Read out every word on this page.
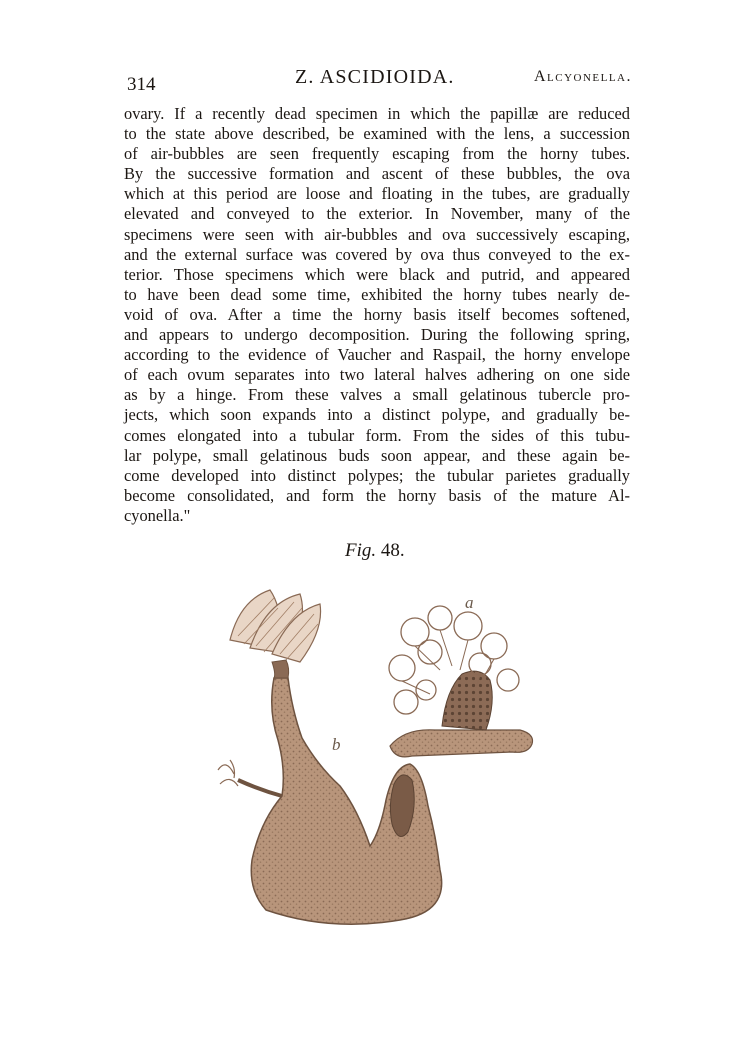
314	Z. ASCIDIOIDA.	Alcyonella.
ovary. If a recently dead specimen in which the papillæ are reduced
to the state above described, be examined with the lens, a succession
of air-bubbles are seen frequently escaping from the horny tubes.
By the successive formation and ascent of these bubbles, the ova
which at this period are loose and floating in the tubes, are gradually
elevated and conveyed to the exterior. In November, many of the
specimens were seen with air-bubbles and ova successively escaping,
and the external surface was covered by ova thus conveyed to the ex-
terior. Those specimens which were black and putrid, and appeared
to have been dead some time, exhibited the horny tubes nearly de-
void of ova. After a time the horny basis itself becomes softened,
and appears to undergo decomposition. During the following spring,
according to the evidence of Vaucher and Raspail, the horny envelope
of each ovum separates into two lateral halves adhering on one side
as by a hinge. From these valves a small gelatinous tubercle pro-
jects, which soon expands into a distinct polype, and gradually be-
comes elongated into a tubular form. From the sides of this tubu-
lar polype, small gelatinous buds soon appear, and these again be-
come developed into distinct polypes; the tubular parietes gradually
become consolidated, and form the horny basis of the mature Al-
cyonella."
Fig. 48.
a
b
